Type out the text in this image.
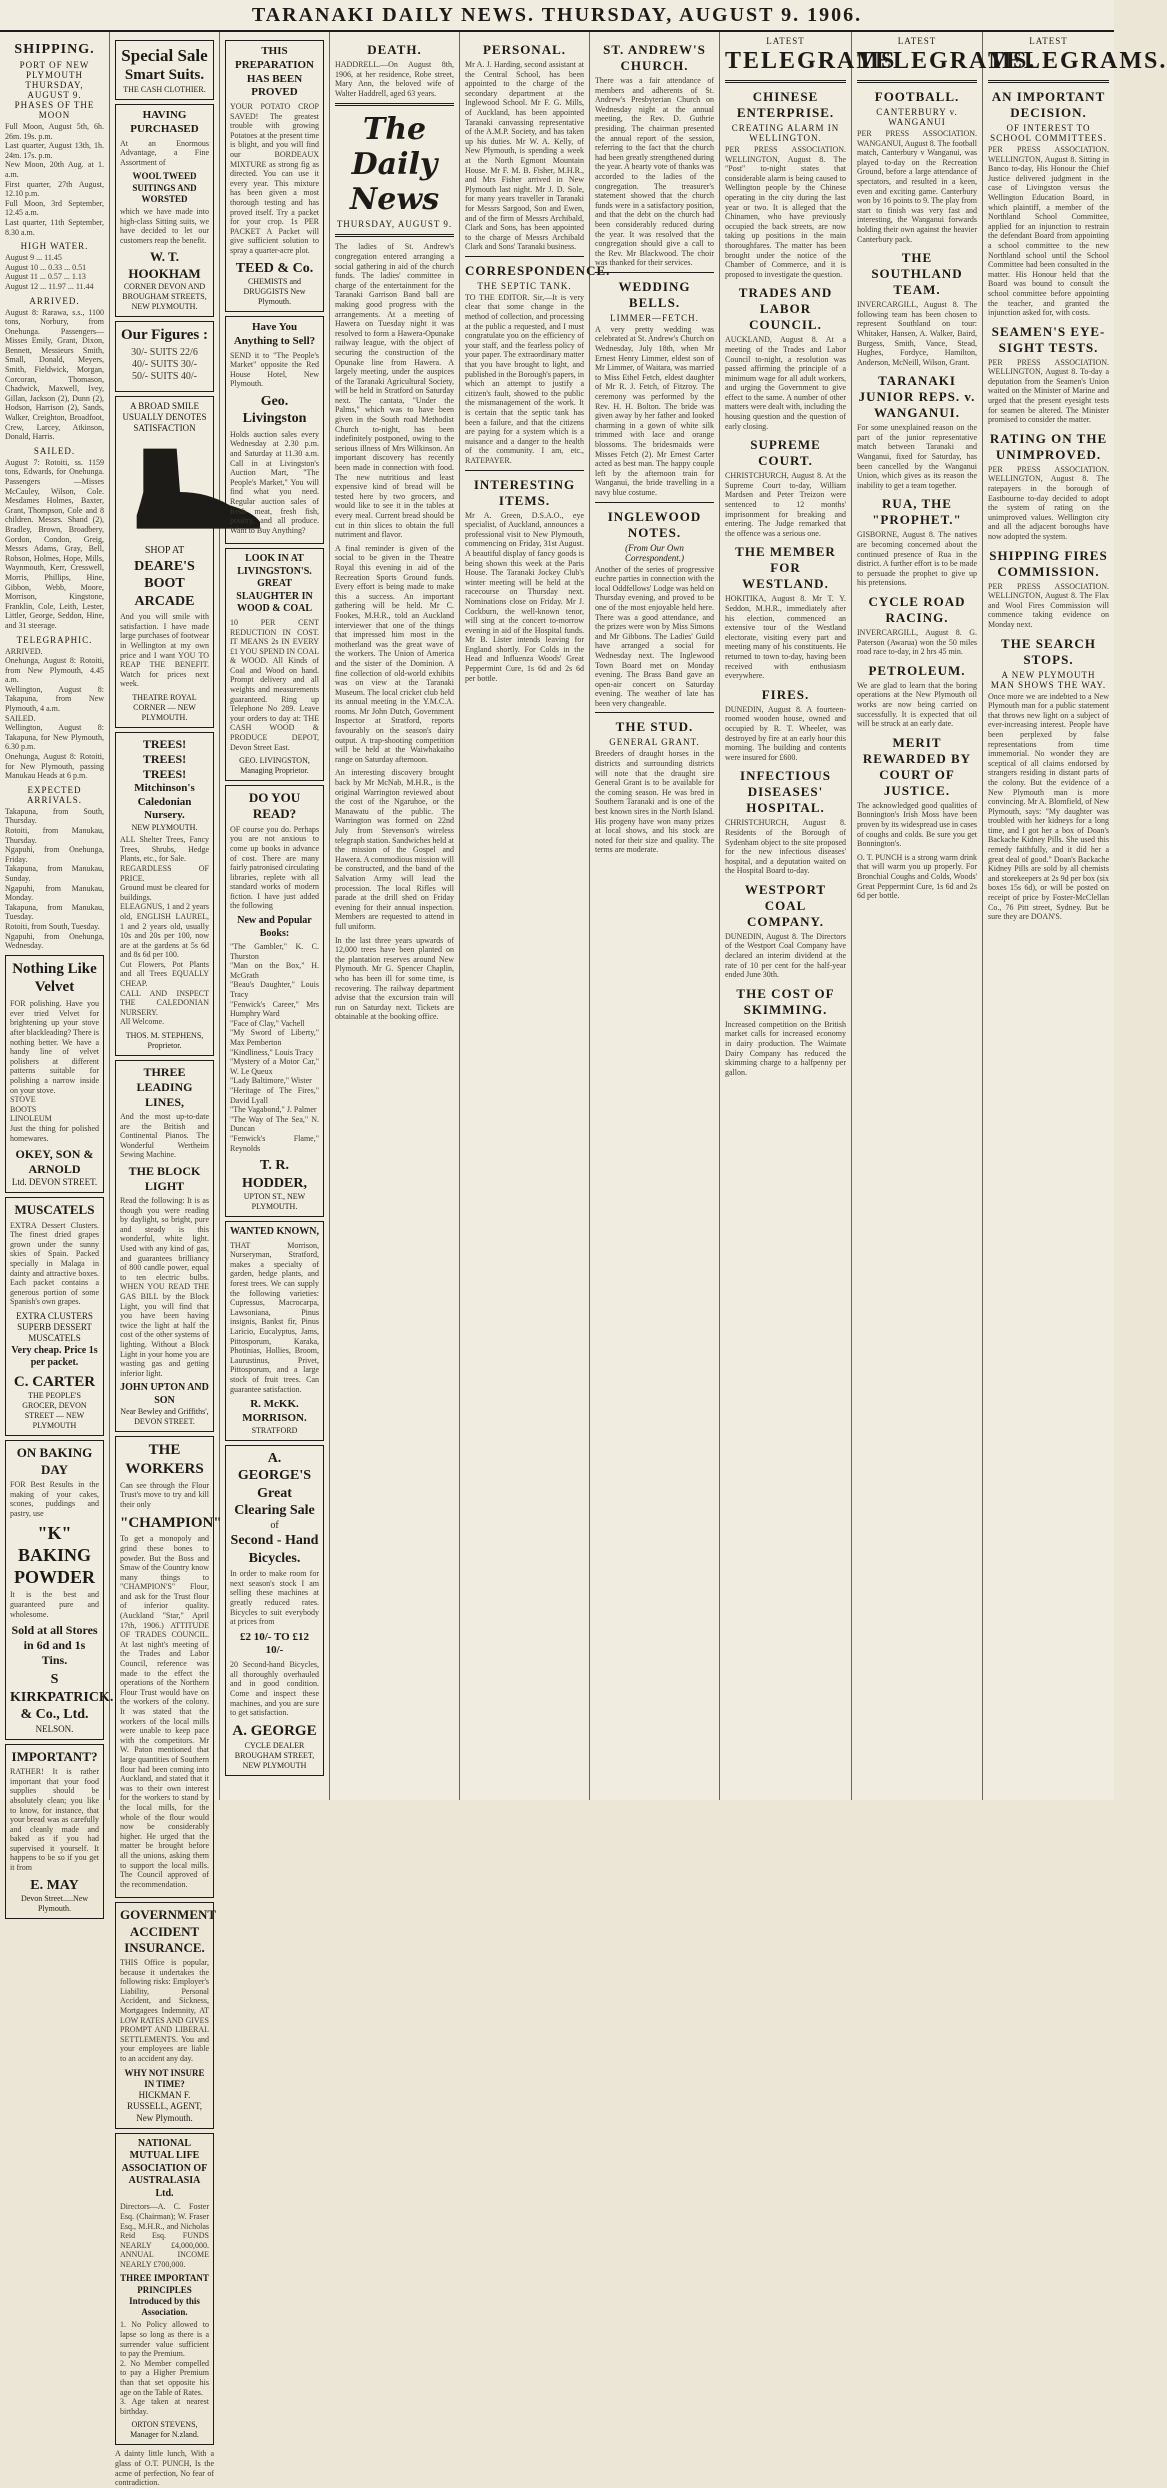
TARANAKI DAILY NEWS. THURSDAY, AUGUST 9. 1906.
SHIPPING.
PORT OF NEW PLYMOUTH
THURSDAY, AUGUST 9.
PHASES OF THE MOON
Full Moon, August 5th, 6h. 26m. 19s. p.m.
Last quarter, August 13th, 1h. 24m. 17s. p.m.
New Moon, 20th Aug. at 1. a.m.
First quarter, 27th August, 12.10 p.m.
Full Moon, 3rd September, 12.45 a.m.
Last quarter, 11th September, 8.30 a.m.
HIGH WATER.
August 9 ... 11.45
August 10 ... 0.33 ... 0.51
August 11 ... 0.57 ... 1.13
August 12 ... 11.97 ... 11.44
ARRIVED.
August 8: Rarawa, s.s., 1100 tons, Norbury, from Onehunga. Passengers— Misses Emily, Grant, Dixon, Bennett, Messieurs Smith, Small, Donald, Meyers, Smith, Fieldwick, Morgan, Corcoran, Thomason, Chadwick, Maxwell, Ivey, Gillan, Jackson (2), Dunn (2), Hodson, Harrison (2), Sands, Walker, Creighton, Broadfoot, Crew, Larcey, Atkinson, Donald, Harris.
SAILED.
August 7: Rotoiti, ss. 1159 tons, Edwards, for Onehunga. Passengers —Misses McCauley, Wilson, Cole. Mesdames Holmes, Baxter, Grant, Thompson, Cole and 8 children. Messrs. Shand (2), Bradley, Brown, Broadbery, Gordon, Condon, Greig, Messrs Adams, Gray, Bell, Robson, Holmes, Hope, Mills, Waynmouth, Kerr, Cresswell, Morris, Phillips, Hine, Gibbon, Webb, Moore, Morrison, Kingstone, Franklin, Cole, Leith, Lester, Littler, George, Seddon, Hine, and 31 steerage.
TELEGRAPHIC.
ARRIVED.
Onehunga, August 8: Rotoiti, from New Plymouth, 4.45 a.m.
Wellington, August 8: Takapuna, from New Plymouth, 4 a.m.
SAILED.
Wellington, August 8: Takapuna, for New Plymouth, 6.30 p.m.
Onehunga, August 8: Rotoiti, for New Plymouth, passing Manukau Heads at 6 p.m.
EXPECTED ARRIVALS.
Takapuna, from South, Thursday.
Rotoiti, from Manukau, Thursday.
Ngapuhi, from Onehunga, Friday.
Takapuna, from Manukau, Sunday.
Ngapuhi, from Manukau, Monday.
Takapuna, from Manukau, Tuesday.
Rotoiti, from South, Tuesday.
Ngapuhi, from Onehunga, Wednesday.
Nothing Like Velvet
FOR polishing. Have you ever tried Velvet for brightening up your stove after blackleading? There is nothing better. We have a handy line of velvet polishers at different patterns suitable for polishing a narrow inside on your stove.
STOVE
BOOTS
LINOLEUM
Just the thing for polished homewares.
OKEY, SON & ARNOLD
Ltd. DEVON STREET.
MUSCATELS
EXTRA Dessert Clusters. The finest dried grapes grown under the sunny skies of Spain. Packed specially in Malaga in dainty and attractive boxes. Each packet contains a generous portion of some Spanish's own grapes.
EXTRA CLUSTERS SUPERB DESSERT MUSCATELS
Very cheap. Price 1s per packet.
C. CARTER
THE PEOPLE'S GROCER, DEVON STREET — NEW PLYMOUTH
ON BAKING DAY
FOR Best Results in the making of your cakes, scones, puddings and pastry, use
"K" BAKING POWDER
It is the best and guaranteed pure and wholesome.
Sold at all Stores in 6d and 1s Tins.
S KIRKPATRICK. & Co., Ltd.
NELSON.
IMPORTANT?
RATHER! It is rather important that your food supplies should be absolutely clean; you like to know, for instance, that your bread was as carefully and cleanly made and baked as if you had supervised it yourself. It happens to be so if you get it from
E. MAY
Devon Street.....New Plymouth.
Special Sale
Smart Suits.
THE CASH CLOTHIER.
HAVING PURCHASED
At an Enormous Advantage, a Fine Assortment of
WOOL TWEED SUITINGS AND WORSTED
which we have made into high-class Sitting suits, we have decided to let our customers reap the benefit.
W. T. HOOKHAM
CORNER DEVON AND BROUGHAM STREETS, NEW PLYMOUTH.
Our Figures :
30/- SUITS 22/6
40/- SUITS 30/-
50/- SUITS 40/-
A BROAD SMILE USUALLY DENOTES SATISFACTION
SHOP AT
DEARE'S BOOT ARCADE
And you will smile with satisfaction. I have made large purchases of footwear in Wellington at my own price and I want YOU TO REAP THE BENEFIT. Watch for prices next week.
THEATRE ROYAL CORNER — NEW PLYMOUTH.
TREES! TREES! TREES!
Mitchinson's Caledonian Nursery.
NEW PLYMOUTH.
ALL Shelter Trees, Fancy Trees, Shrubs, Hedge Plants, etc., for Sale.
REGARDLESS OF PRICE.
Ground must be cleared for buildings.
ELEAGNUS, 1 and 2 years old, ENGLISH LAUREL, 1 and 2 years old, usually 10s and 20s per 100, now are at the gardens at 5s 6d and 8s 6d per 100.
Cut Flowers, Pot Plants and all Trees EQUALLY CHEAP.
CALL AND INSPECT THE CALEDONIAN NURSERY.
All Welcome.
THOS. M. STEPHENS, Proprietor.
THREE LEADING LINES,
And the most up-to-date are the British and Continental Pianos. The Wonderful Wertheim Sewing Machine.
THE BLOCK LIGHT
Read the following: It is as though you were reading by daylight, so bright, pure and steady is this wonderful, white light. Used with any kind of gas, and guarantees brilliancy of 800 candle power, equal to ten electric bulbs. WHEN YOU READ THE GAS BILL by the Block Light, you will find that you have been having twice the light at half the cost of the other systems of lighting. Without a Block Light in your home you are wasting gas and getting inferior light.
JOHN UPTON AND SON
Near Bewley and Griffiths', DEVON STREET.
THE WORKERS
Can see through the Flour Trust's move to try and kill their only
"CHAMPION"
To get a monopoly and grind these bones to powder. But the Boss and Smaw of the Country know many things to "CHAMPION'S" Flour, and ask for the Trust flour of inferior quality. (Auckland "Star," April 17th, 1906.) ATTITUDE OF TRADES COUNCIL. At last night's meeting of the Trades and Labor Council, reference was made to the effect the operations of the Northern Flour Trust would have on the workers of the colony. It was stated that the workers of the local mills were unable to keep pace with the competitors. Mr W. Paton mentioned that large quantities of Southern flour had been coming into Auckland, and stated that it was to their own interest for the workers to stand by the local mills, for the whole of the flour would now be considerably higher. He urged that the matter be brought before all the unions, asking them to support the local mills. The Council approved of the recommendation.
GOVERNMENT ACCIDENT INSURANCE.
THIS Office is popular, because it undertakes the following risks: Employer's Liability, Personal Accident, and Sickness, Mortgagees Indemnity, AT LOW RATES AND GIVES PROMPT AND LIBERAL SETTLEMENTS. You and your employees are liable to an accident any day.
WHY NOT INSURE IN TIME?
HICKMAN F. RUSSELL, AGENT, New Plymouth.
NATIONAL MUTUAL LIFE ASSOCIATION OF AUSTRALASIA Ltd.
Directors—A. C. Foster Esq. (Chairman); W. Fraser Esq., M.H.R., and Nicholas Reid Esq. FUNDS NEARLY £4,000,000. ANNUAL INCOME NEARLY £700,000.
THREE IMPORTANT PRINCIPLES Introduced by this Association.
1. No Policy allowed to lapse so long as there is a surrender value sufficient to pay the Premium.
2. No Member compelled to pay a Higher Premium than that set opposite his age on the Table of Rates.
3. Age taken at nearest birthday.
ORTON STEVENS, Manager for N.zland.
A dainty little lunch, With a glass of O.T. PUNCH, Is the acme of perfection, No fear of contradiction.
THIS PREPARATION HAS BEEN PROVED
YOUR POTATO CROP SAVED! The greatest trouble with growing Potatoes at the present time is blight, and you will find our BORDEAUX MIXTURE as strong fig as directed. You can use it every year. This mixture has been given a most thorough testing and has proved itself. Try a packet for your crop. 1s PER PACKET A Packet will give sufficient solution to spray a quarter-acre plot.
TEED & Co.
CHEMISTS and DRUGGISTS New Plymouth.
Have You Anything to Sell?
SEND it to "The People's Market" opposite the Red House Hotel, New Plymouth.
Geo. Livingston
Holds auction sales every Wednesday at 2.30 p.m. and Saturday at 11.30 a.m. Call in at Livingston's Auction Mart, "The People's Market," You will find what you need. Regular auction sales of fresh meat, fresh fish, poultry, and all produce. Want to Buy Anything?
LOOK IN AT LIVINGSTON'S. GREAT SLAUGHTER IN WOOD & COAL
10 PER CENT REDUCTION IN COST. IT MEANS 2s IN EVERY £1 YOU SPEND IN COAL & WOOD. All Kinds of Coal and Wood on hand. Prompt delivery and all weights and measurements guaranteed. Ring up Telephone No 289. Leave your orders to day at: THE CASH WOOD & PRODUCE DEPOT, Devon Street East.
GEO. LIVINGSTON, Managing Proprietor.
DO YOU READ?
OF course you do. Perhaps you are not anxious to come up books in advance of cost. There are many fairly patronised circulating libraries, replete with all standard works of modern fiction. I have just added the following
New and Popular Books:
"The Gambler," K. C. Thurston
"Man on the Box," H. McGrath
"Beau's Daughter," Louis Tracy
"Fenwick's Career," Mrs Humphry Ward
"Face of Clay," Vachell
"My Sword of Liberty," Max Pemberton
"Kindliness," Louis Tracy
"Mystery of a Motor Car," W. Le Queux
"Lady Baltimore," Wister
"Heritage of The Fires," David Lyall
"The Vagabond," J. Palmer
"The Way of The Sea," N. Duncan
"Fenwick's Flame," Reynolds
T. R. HODDER,
UPTON ST., NEW PLYMOUTH.
WANTED KNOWN,
THAT Morrison, Nurseryman, Stratford, makes a specialty of garden, hedge plants, and forest trees. We can supply the following varieties: Cupressus, Macrocarpa, Lawsoniana, Pinus insignis, Bankst fir, Pinus Laricio, Eucalyptus, Jams, Pittosporum, Karaka, Photinias, Hollies, Broom, Laurustinus, Privet, Pittosporum, and a large stock of fruit trees. Can guarantee satisfaction.
R. McKK. MORRISON.
STRATFORD
A. GEORGE'S Great Clearing Sale
of
Second - Hand Bicycles.
In order to make room for next season's stock I am selling these machines at greatly reduced rates. Bicycles to suit everybody at prices from
£2 10/- TO £12 10/-
20 Second-hand Bicycles, all thoroughly overhauled and in good condition. Come and inspect these machines, and you are sure to get satisfaction.
A. GEORGE
CYCLE DEALER BROUGHAM STREET, NEW PLYMOUTH
DEATH.
HADDRELL.—On August 8th, 1906, at her residence, Robe street, Mary Ann, the beloved wife of Walter Haddrell, aged 63 years.
The Daily News
THURSDAY, AUGUST 9.
The ladies of St. Andrew's congregation entered arranging a social gathering in aid of the church funds. The ladies' committee in charge of the entertainment for the Taranaki Garrison Band ball are making good progress with the arrangements. At a meeting of Hawera on Tuesday night it was resolved to form a Hawera-Opunake railway league, with the object of securing the construction of the Opunake line from Hawera. A largely meeting, under the auspices of the Taranaki Agricultural Society, will be held in Stratford on Saturday next. The cantata, "Under the Palms," which was to have been given in the South road Methodist Church to-night, has been indefinitely postponed, owing to the serious illness of Mrs Wilkinson. An important discovery has recently been made in connection with food. The new nutritious and least expensive kind of bread will be tested here by two grocers, and would like to see it in the tables at every meal. Current bread should be cut in thin slices to obtain the full nutriment and flavor.
A final reminder is given of the social to be given in the Theatre Royal this evening in aid of the Recreation Sports Ground funds. Every effort is being made to make this a success. An important gathering will be held. Mr C. Fookes, M.H.R., told an Auckland interviewer that one of the things that impressed him most in the motherland was the great wave of the workers. The Union of America and the sister of the Dominion. A fine collection of old-world exhibits was on view at the Taranaki Museum. The local cricket club held its annual meeting in the Y.M.C.A. rooms. Mr John Dutch, Government Inspector at Stratford, reports favourably on the season's dairy output. A trap-shooting competition will be held at the Waiwhakaiho range on Saturday afternoon.
An interesting discovery brought back by Mr McNab, M.H.R., is the original Warrington reviewed about the cost of the Ngaruhoe, or the Manawatu of the public. The Warrington was formed on 22nd July from Stevenson's wireless telegraph station. Sandwiches held at the mission of the Gospel and Hawera. A commodious mission will be constructed, and the band of the Salvation Army will lead the procession. The local Rifles will parade at the drill shed on Friday evening for their annual inspection. Members are requested to attend in full uniform.
In the last three years upwards of 12,000 trees have been planted on the plantation reserves around New Plymouth. Mr G. Spencer Chaplin, who has been ill for some time, is recovering. The railway department advise that the excursion train will run on Saturday next. Tickets are obtainable at the booking office.
PERSONAL.
Mr A. J. Harding, second assistant at the Central School, has been appointed to the charge of the secondary department at the Inglewood School. Mr F. G. Mills, of Auckland, has been appointed Taranaki canvassing representative of the A.M.P. Society, and has taken up his duties. Mr W. A. Kelly, of New Plymouth, is spending a week at the North Egmont Mountain House. Mr F. M. B. Fisher, M.H.R., and Mrs Fisher arrived in New Plymouth last night. Mr J. D. Sole, for many years traveller in Taranaki for Messrs Sargood, Son and Ewen, and of the firm of Messrs Archibald, Clark and Sons, has been appointed to the charge of Messrs Archibald Clark and Sons' Taranaki business.
CORRESPONDENCE.
THE SEPTIC TANK.
TO THE EDITOR. Sir,—It is very clear that some change in the method of collection, and processing at the public a requested, and I must congratulate you on the efficiency of your staff, and the fearless policy of your paper. The extraordinary matter that you have brought to light, and published in the Borough's papers, in which an attempt to justify a citizen's fault, showed to the public the mismanagement of the work. It is certain that the septic tank has been a failure, and that the citizens are paying for a system which is a nuisance and a danger to the health of the community. I am, etc., RATEPAYER.
INTERESTING ITEMS.
Mr A. Green, D.S.A.O., eye specialist, of Auckland, announces a professional visit to New Plymouth, commencing on Friday, 31st August. A beautiful display of fancy goods is being shown this week at the Paris House. The Taranaki Jockey Club's winter meeting will be held at the racecourse on Thursday next. Nominations close on Friday. Mr J. Cockburn, the well-known tenor, will sing at the concert to-morrow evening in aid of the Hospital funds. Mr B. Lister intends leaving for England shortly. For Colds in the Head and Influenza Woods' Great Peppermint Cure, 1s 6d and 2s 6d per bottle.
ST. ANDREW'S CHURCH.
There was a fair attendance of members and adherents of St. Andrew's Presbyterian Church on Wednesday night at the annual meeting, the Rev. D. Guthrie presiding. The chairman presented the annual report of the session, referring to the fact that the church had been greatly strengthened during the year. A hearty vote of thanks was accorded to the ladies of the congregation. The treasurer's statement showed that the church funds were in a satisfactory position, and that the debt on the church had been considerably reduced during the year. It was resolved that the congregation should give a call to the Rev. Mr Blackwood. The choir was thanked for their services.
WEDDING BELLS.
LIMMER—FETCH.
A very pretty wedding was celebrated at St. Andrew's Church on Wednesday, July 18th, when Mr Ernest Henry Limmer, eldest son of Mr Limmer, of Waitara, was married to Miss Ethel Fetch, eldest daughter of Mr R. J. Fetch, of Fitzroy. The ceremony was performed by the Rev. H. H. Bolton. The bride was given away by her father and looked charming in a gown of white silk trimmed with lace and orange blossoms. The bridesmaids were Misses Fetch (2). Mr Ernest Carter acted as best man. The happy couple left by the afternoon train for Wanganui, the bride travelling in a navy blue costume.
INGLEWOOD NOTES.
(From Our Own Correspondent.)
Another of the series of progressive euchre parties in connection with the local Oddfellows' Lodge was held on Thursday evening, and proved to be one of the most enjoyable held here. There was a good attendance, and the prizes were won by Miss Simons and Mr Gibbons. The Ladies' Guild have arranged a social for Wednesday next. The Inglewood Town Board met on Monday evening. The Brass Band gave an open-air concert on Saturday evening. The weather of late has been very changeable.
THE STUD.
GENERAL GRANT.
Breeders of draught horses in the districts and surrounding districts will note that the draught sire General Grant is to be available for the coming season. He was bred in Southern Taranaki and is one of the best known sires in the North Island. His progeny have won many prizes at local shows, and his stock are noted for their size and quality. The terms are moderate.
LATEST
TELEGRAMS
CHINESE ENTERPRISE.
CREATING ALARM IN WELLINGTON.
PER PRESS ASSOCIATION. WELLINGTON, August 8. The "Post" to-night states that considerable alarm is being caused to Wellington people by the Chinese operating in the city during the last year or two. It is alleged that the Chinamen, who have previously occupied the back streets, are now taking up positions in the main thoroughfares. The matter has been brought under the notice of the Chamber of Commerce, and it is proposed to investigate the question.
TRADES AND LABOR COUNCIL.
AUCKLAND, August 8. At a meeting of the Trades and Labor Council to-night, a resolution was passed affirming the principle of a minimum wage for all adult workers, and urging the Government to give effect to the same. A number of other matters were dealt with, including the housing question and the question of early closing.
SUPREME COURT.
CHRISTCHURCH, August 8. At the Supreme Court to-day, William Mardsen and Peter Treizon were sentenced to 12 months' imprisonment for breaking and entering. The Judge remarked that the offence was a serious one.
THE MEMBER FOR WESTLAND.
HOKITIKA, August 8. Mr T. Y. Seddon, M.H.R., immediately after his election, commenced an extensive tour of the Westland electorate, visiting every part and meeting many of his constituents. He returned to town to-day, having been received with enthusiasm everywhere.
FIRES.
DUNEDIN, August 8. A fourteen-roomed wooden house, owned and occupied by R. T. Wheeler, was destroyed by fire at an early hour this morning. The building and contents were insured for £600.
INFECTIOUS DISEASES' HOSPITAL.
CHRISTCHURCH, August 8. Residents of the Borough of Sydenham object to the site proposed for the new infectious diseases' hospital, and a deputation waited on the Hospital Board to-day.
WESTPORT COAL COMPANY.
DUNEDIN, August 8. The Directors of the Westport Coal Company have declared an interim dividend at the rate of 10 per cent for the half-year ended June 30th.
THE COST OF SKIMMING.
Increased competition on the British market calls for increased economy in dairy production. The Waimate Dairy Company has reduced the skimming charge to a halfpenny per gallon.
LATEST
TELEGRAMS.
FOOTBALL.
CANTERBURY v. WANGANUI
PER PRESS ASSOCIATION. WANGANUI, August 8. The football match, Canterbury v Wanganui, was played to-day on the Recreation Ground, before a large attendance of spectators, and resulted in a keen, even and exciting game. Canterbury won by 16 points to 9. The play from start to finish was very fast and interesting, the Wanganui forwards holding their own against the heavier Canterbury pack.
THE SOUTHLAND TEAM.
INVERCARGILL, August 8. The following team has been chosen to represent Southland on tour: Whitaker, Hansen, A. Walker, Baird, Burgess, Smith, Vance, Stead, Hughes, Fordyce, Hamilton, Anderson, McNeill, Wilson, Grant.
TARANAKI JUNIOR REPS. v. WANGANUI.
For some unexplained reason on the part of the junior representative match between Taranaki and Wanganui, fixed for Saturday, has been cancelled by the Wanganui Union, which gives as its reason the inability to get a team together.
RUA, THE "PROPHET."
GISBORNE, August 8. The natives are becoming concerned about the continued presence of Rua in the district. A further effort is to be made to persuade the prophet to give up his pretensions.
CYCLE ROAD RACING.
INVERCARGILL, August 8. G. Paterson (Awarua) won the 50 miles road race to-day, in 2 hrs 45 min.
PETROLEUM.
We are glad to learn that the boring operations at the New Plymouth oil works are now being carried on successfully. It is expected that oil will be struck at an early date.
MERIT REWARDED BY COURT OF JUSTICE.
The acknowledged good qualities of Bonnington's Irish Moss have been proven by its widespread use in cases of coughs and colds. Be sure you get Bonnington's.
O. T. PUNCH is a strong warm drink that will warm you up properly. For Bronchial Coughs and Colds, Woods' Great Peppermint Cure, 1s 6d and 2s 6d per bottle.
LATEST
TELEGRAMS.
AN IMPORTANT DECISION.
OF INTEREST TO SCHOOL COMMITTEES.
PER PRESS ASSOCIATION. WELLINGTON, August 8. Sitting in Banco to-day, His Honour the Chief Justice delivered judgment in the case of Livingston versus the Wellington Education Board, in which plaintiff, a member of the Northland School Committee, applied for an injunction to restrain the defendant Board from appointing a school committee to the new Northland school until the School Committee had been consulted in the matter. His Honour held that the Board was bound to consult the school committee before appointing the teacher, and granted the injunction asked for, with costs.
SEAMEN'S EYE-SIGHT TESTS.
PER PRESS ASSOCIATION. WELLINGTON, August 8. To-day a deputation from the Seamen's Union waited on the Minister of Marine and urged that the present eyesight tests for seamen be altered. The Minister promised to consider the matter.
RATING ON THE UNIMPROVED.
PER PRESS ASSOCIATION. WELLINGTON, August 8. The ratepayers in the borough of Eastbourne to-day decided to adopt the system of rating on the unimproved values. Wellington city and all the adjacent boroughs have now adopted the system.
SHIPPING FIRES COMMISSION.
PER PRESS ASSOCIATION. WELLINGTON, August 8. The Flax and Wool Fires Commission will commence taking evidence on Monday next.
THE SEARCH STOPS.
A NEW PLYMOUTH MAN SHOWS THE WAY.
Once more we are indebted to a New Plymouth man for a public statement that throws new light on a subject of ever-increasing interest. People have been perplexed by false representations from time immemorial. No wonder they are sceptical of all claims endorsed by strangers residing in distant parts of the colony. But the evidence of a New Plymouth man is more convincing. Mr A. Blomfield, of New Plymouth, says: "My daughter was troubled with her kidneys for a long time, and I got her a box of Doan's Backache Kidney Pills. She used this remedy faithfully, and it did her a great deal of good." Doan's Backache Kidney Pills are sold by all chemists and storekeepers at 2s 9d per box (six boxes 15s 6d), or will be posted on receipt of price by Foster-McClellan Co., 76 Pitt street, Sydney. But be sure they are DOAN'S.
